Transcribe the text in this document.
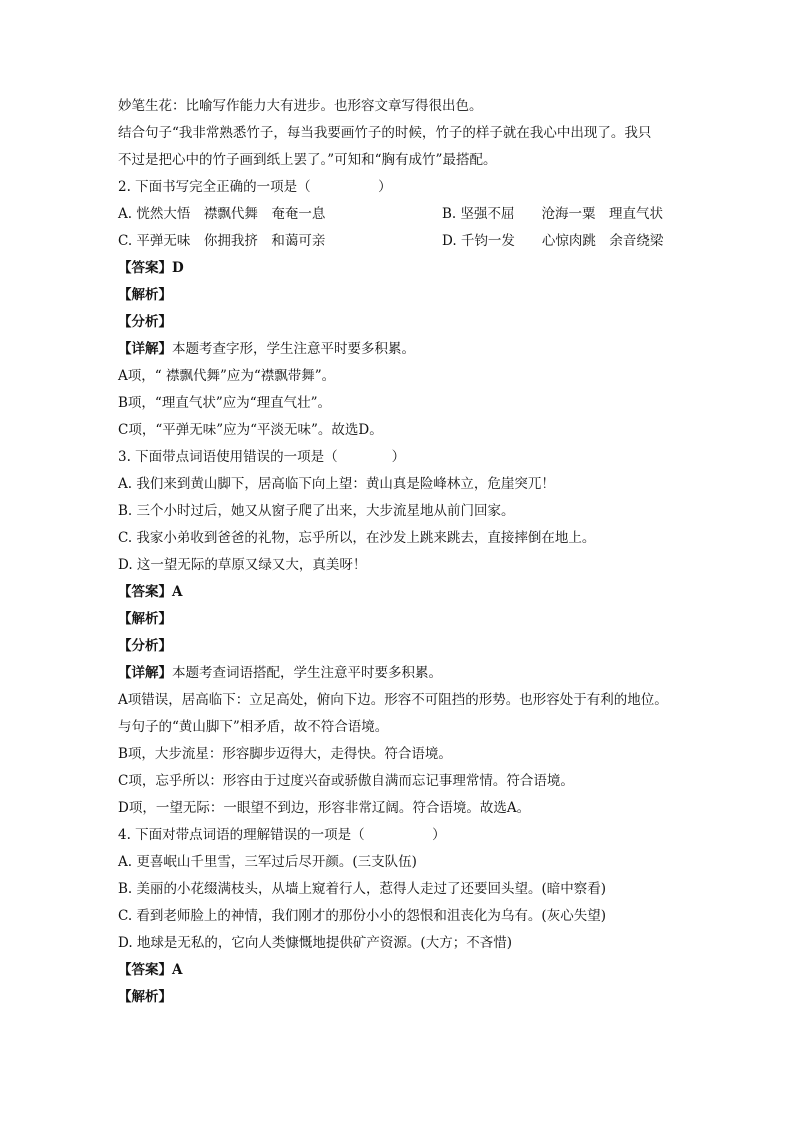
妙笔生花：比喻写作能力大有进步。也形容文章写得很出色。
结合句子“我非常熟悉竹子，每当我要画竹子的时候，竹子的样子就在我心中出现了。我只
不过是把心中的竹子画到纸上罢了。”可知和“胸有成竹”最搭配。
2. 下面书写完全正确的一项是（　　　　　）
A. 恍然大悟　襟飘代舞　奄奄一息	B. 坚强不屈　　沧海一粟　理直气状
C. 平弹无味　你拥我挤　和蔼可亲	D. 千钧一发　　心惊肉跳　余音绕梁
【答案】D
【解析】
【分析】
【详解】本题考查字形，学生注意平时要多积累。
A项，“ 襟飘代舞”应为“襟飘带舞”。
B项，“理直气状”应为“理直气壮”。
C项，“平弹无味”应为“平淡无味”。故选D。
3. 下面带点词语使用错误的一项是（　　　　）
A. 我们来到黄山脚下，居高临下向上望：黄山真是险峰林立，危崖突兀！
B. 三个小时过后，她又从窗子爬了出来，大步流星地从前门回家。
C. 我家小弟收到爸爸的礼物，忘乎所以，在沙发上跳来跳去，直接摔倒在地上。
D. 这一望无际的草原又绿又大，真美呀！
【答案】A
【解析】
【分析】
【详解】本题考查词语搭配，学生注意平时要多积累。
A项错误，居高临下：立足高处，俯向下边。形容不可阻挡的形势。也形容处于有利的地位。
与句子的“黄山脚下”相矛盾，故不符合语境。
B项，大步流星：形容脚步迈得大，走得快。符合语境。
C项，忘乎所以：形容由于过度兴奋或骄傲自满而忘记事理常情。符合语境。
D项，一望无际：一眼望不到边，形容非常辽阔。符合语境。故选A。
4. 下面对带点词语的理解错误的一项是（　　　　　）
A. 更喜岷山千里雪，三军过后尽开颜。(三支队伍)
B. 美丽的小花缀满枝头，从墙上窥着行人，惹得人走过了还要回头望。(暗中察看)
C. 看到老师脸上的神情，我们刚才的那份小小的怨恨和沮丧化为乌有。(灰心失望)
D. 地球是无私的，它向人类慷慨地提供矿产资源。(大方；不吝惜)
【答案】A
【解析】
